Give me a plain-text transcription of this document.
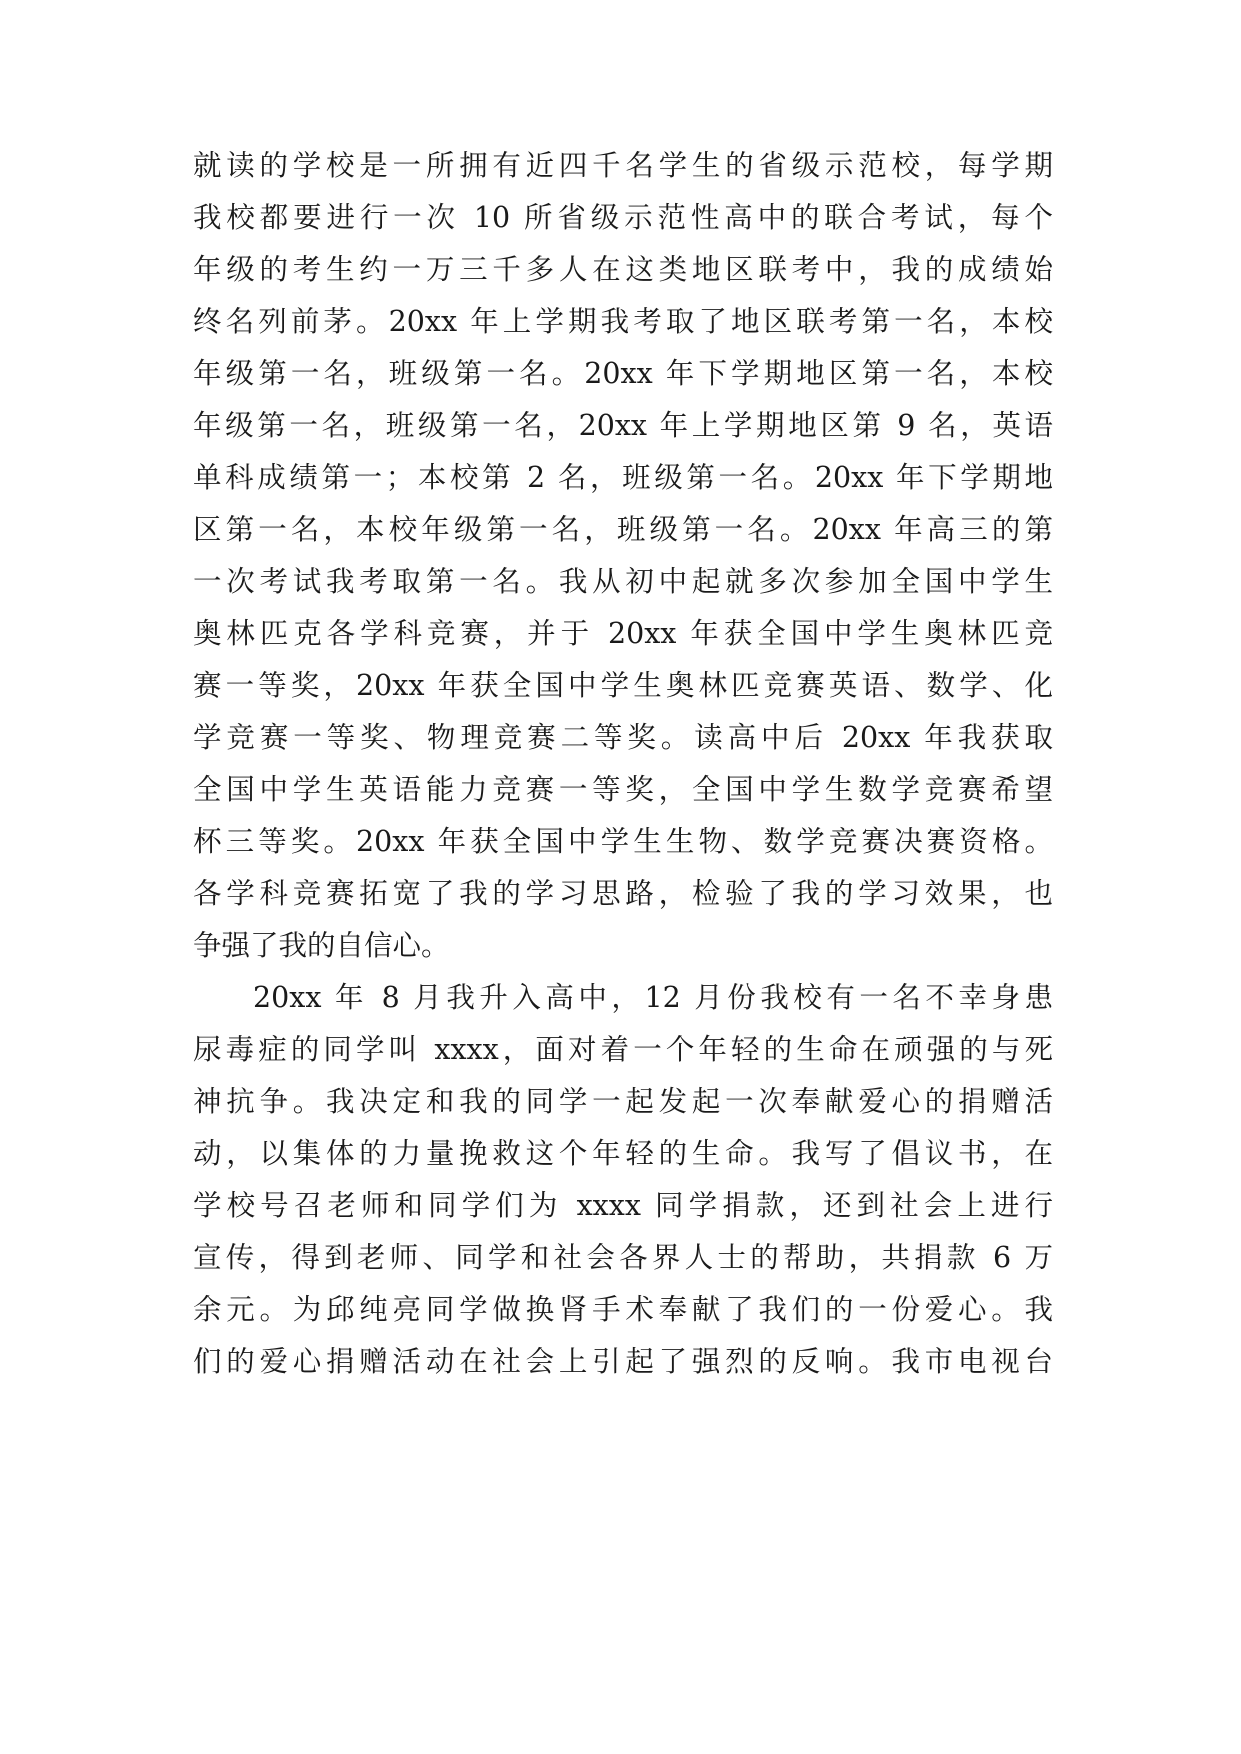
就读的学校是一所拥有近四千名学生的省级示范校，每学期
我校都要进行一次 10 所省级示范性高中的联合考试，每个
年级的考生约一万三千多人在这类地区联考中，我的成绩始
终名列前茅。20xx 年上学期我考取了地区联考第一名，本校
年级第一名，班级第一名。20xx 年下学期地区第一名，本校
年级第一名，班级第一名，20xx 年上学期地区第 9 名，英语
单科成绩第一；本校第 2 名，班级第一名。20xx 年下学期地
区第一名，本校年级第一名，班级第一名。20xx 年高三的第
一次考试我考取第一名。我从初中起就多次参加全国中学生
奥林匹克各学科竞赛，并于 20xx 年获全国中学生奥林匹竞
赛一等奖，20xx 年获全国中学生奥林匹竞赛英语、数学、化
学竞赛一等奖、物理竞赛二等奖。读高中后 20xx 年我获取
全国中学生英语能力竞赛一等奖，全国中学生数学竞赛希望
杯三等奖。20xx 年获全国中学生生物、数学竞赛决赛资格。
各学科竞赛拓宽了我的学习思路，检验了我的学习效果，也
争强了我的自信心。
20xx 年 8 月我升入高中，12 月份我校有一名不幸身患
尿毒症的同学叫 xxxx，面对着一个年轻的生命在顽强的与死
神抗争。我决定和我的同学一起发起一次奉献爱心的捐赠活
动，以集体的力量挽救这个年轻的生命。我写了倡议书，在
学校号召老师和同学们为 xxxx 同学捐款，还到社会上进行
宣传，得到老师、同学和社会各界人士的帮助，共捐款 6 万
余元。为邱纯亮同学做换肾手术奉献了我们的一份爱心。我
们的爱心捐赠活动在社会上引起了强烈的反响。我市电视台
